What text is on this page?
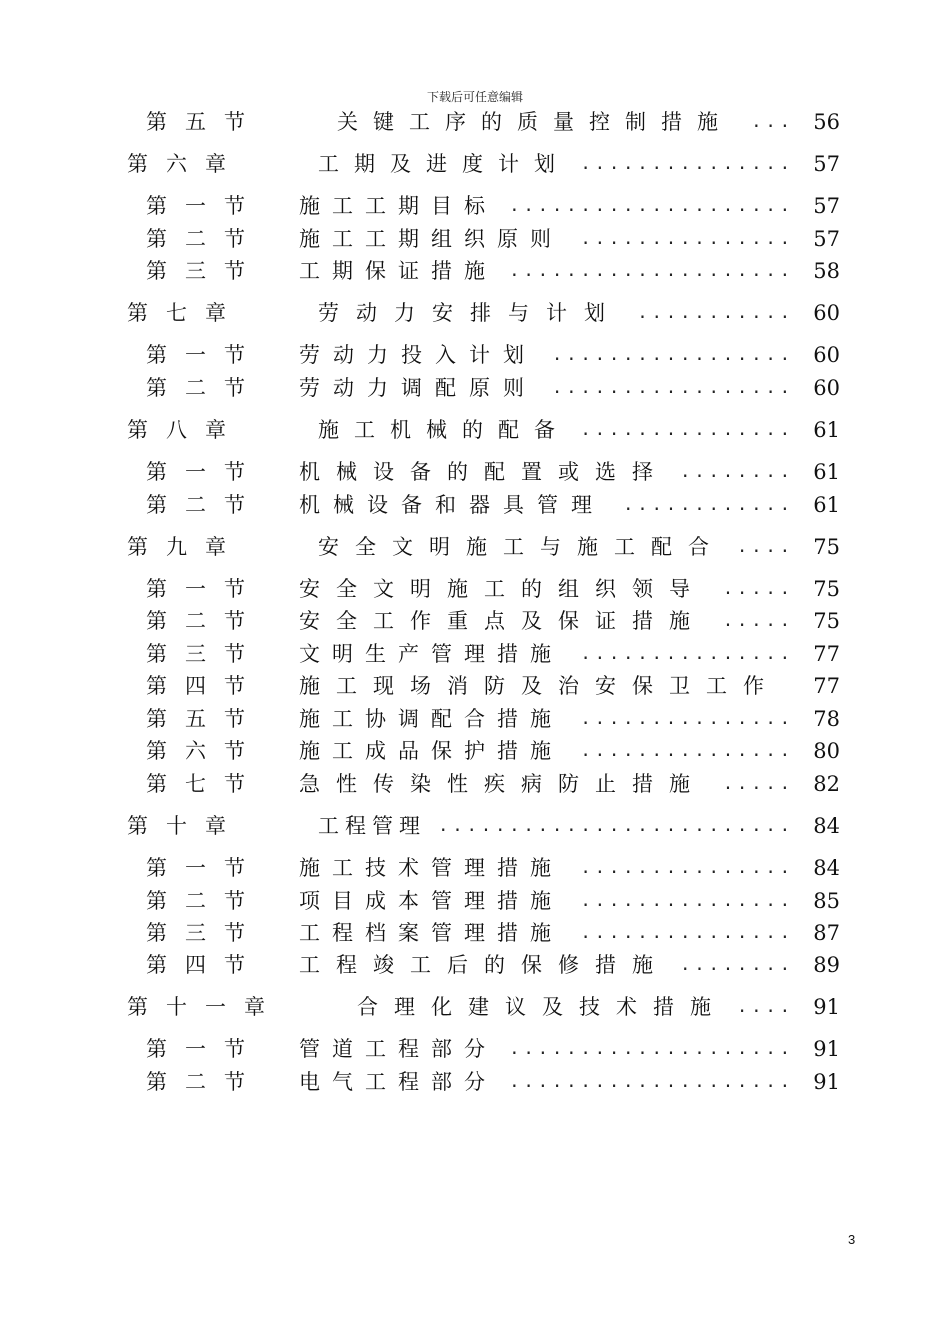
下载后可任意编辑
第五节	关键工序的质量控制措施 ... 56
第六章	工期及进度计划 ............... 57
第一节 施工工期目标 .................... 57
第二节 施工工期组织原则 ............... 57
第三节 工期保证措施 .................... 58
第七章	劳动力安排与计划 ........... 60
第一节 劳动力投入计划 ................. 60
第二节 劳动力调配原则 ................. 60
第八章	施工机械的配备 ............... 61
第一节 机械设备的配置或选择 ........ 61
第二节 机械设备和器具管理 ............ 61
第九章	安全文明施工与施工配合 .... 75
第一节 安全文明施工的组织领导 ..... 75
第二节 安全工作重点及保证措施 ..... 75
第三节 文明生产管理措施 ............... 77
第四节 施工现场消防及治安保卫工作 77
第五节 施工协调配合措施 ............... 78
第六节 施工成品保护措施 ............... 80
第七节 急性传染性疾病防止措施 ..... 82
第十章	工程管理 ......................... 84
第一节 施工技术管理措施 ............... 84
第二节 项目成本管理措施 ............... 85
第三节 工程档案管理措施 ............... 87
第四节 工程竣工后的保修措施 ........ 89
第十一章	合理化建议及技术措施 .... 91
第一节 管道工程部分 .................... 91
第二节 电气工程部分 .................... 91
3
